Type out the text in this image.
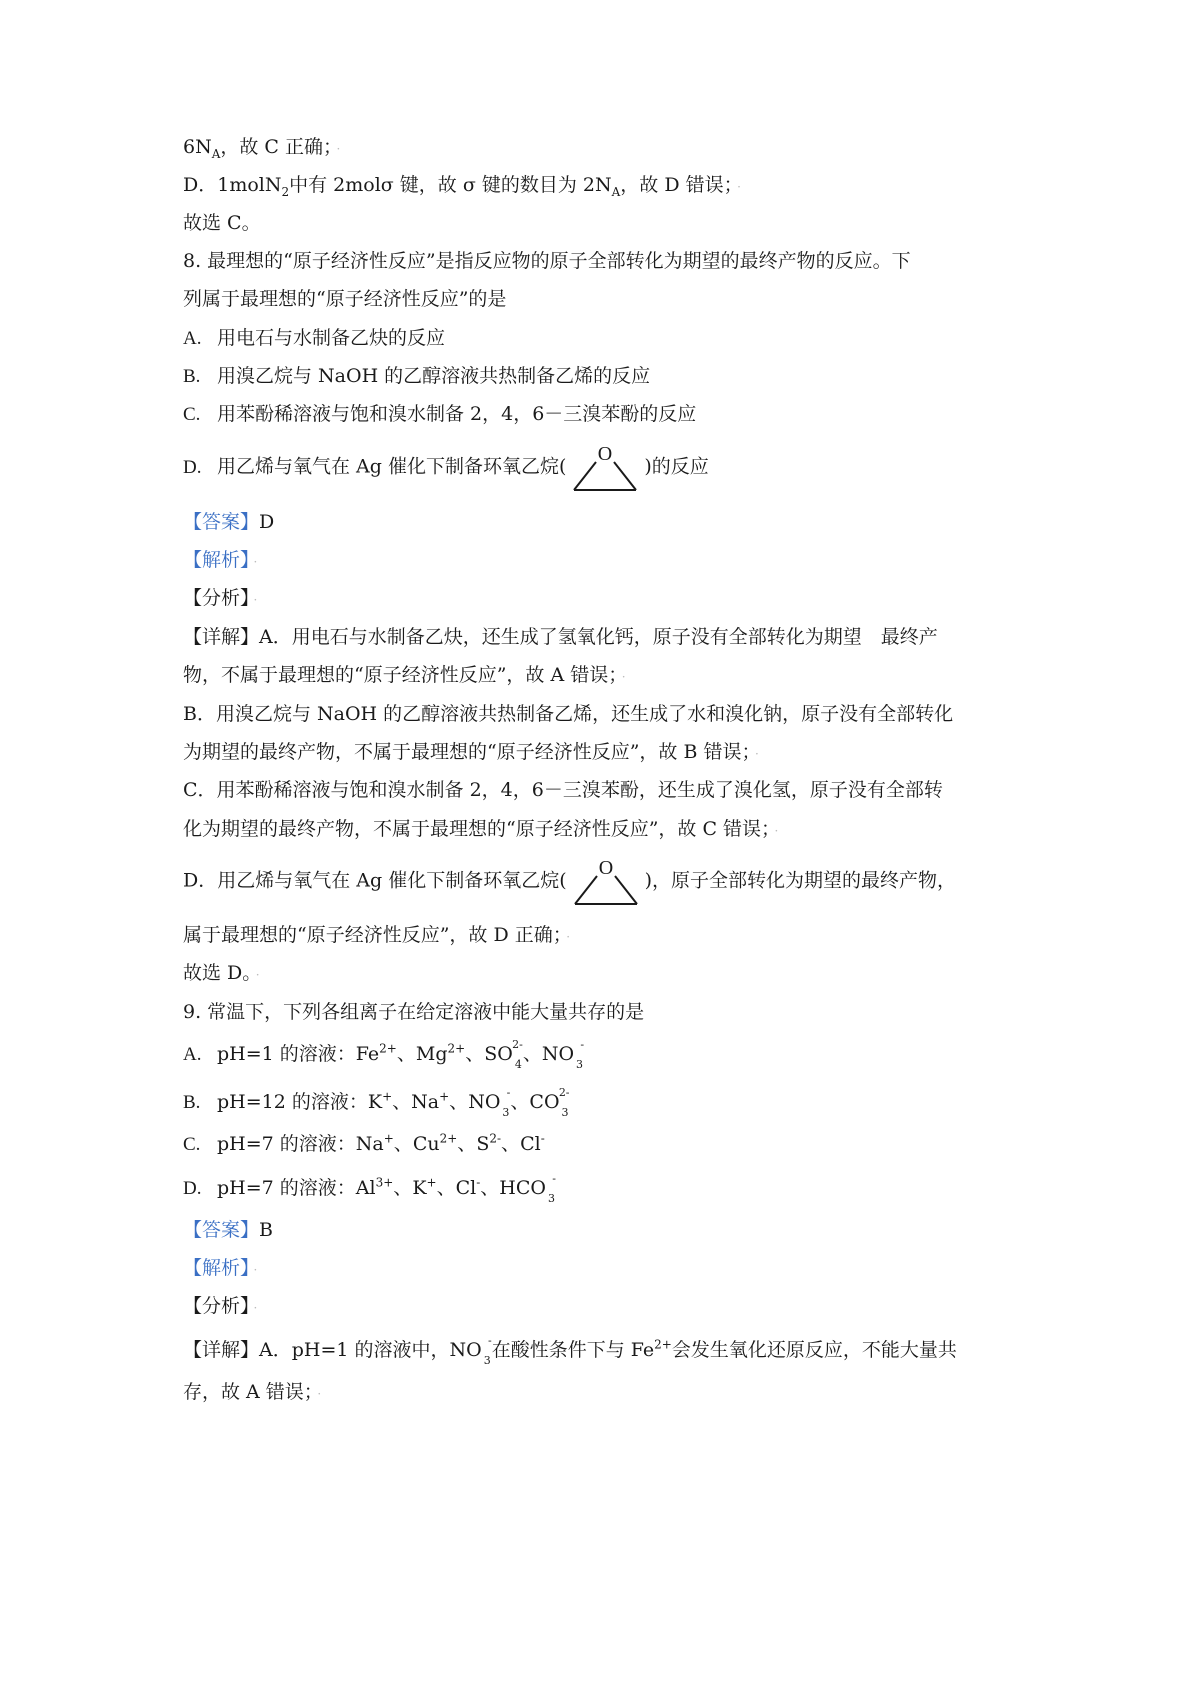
$6N_A$，故 C 正确； ·
D．1molN$_2$中有 2molσ 键，故 σ 键的数目为 $2N_A$，故 D 错误； ·
故选 C。
8. 最理想的“原子经济性反应”是指反应物的原子全部转化为期望的最终产物的反应。下
列属于最理想的“原子经济性反应”的是
A. 用电石与水制备乙炔的反应
B. 用溴乙烷与 NaOH 的乙醇溶液共热制备乙烯的反应
C. 用苯酚稀溶液与饱和溴水制备 2，4，6－三溴苯酚的反应
D. 用乙烯与氧气在 Ag 催化下制备环氧乙烷(
O
)的反应
【答案】D
【解析】 ·
【分析】 ·
【详解】A．用电石与水制备乙炔，还生成了氢氧化钙，原子没有全部转化为期望　最终产
物，不属于最理想的“原子经济性反应”，故 A 错误； ·
B．用溴乙烷与 NaOH 的乙醇溶液共热制备乙烯，还生成了水和溴化钠，原子没有全部转化
为期望的最终产物，不属于最理想的“原子经济性反应”，故 B 错误； ·
C．用苯酚稀溶液与饱和溴水制备 2，4，6－三溴苯酚，还生成了溴化氢，原子没有全部转
化为期望的最终产物，不属于最理想的“原子经济性反应”，故 C 错误； ·
D．用乙烯与氧气在 Ag 催化下制备环氧乙烷(
O
)，原子全部转化为期望的最终产物，
属于最理想的“原子经济性反应”，故 D 正确； ·
故选 D。 ·
9. 常温下，下列各组离子在给定溶液中能大量共存的是
A. pH=1 的溶液：$Fe^{2+}$、$Mg^{2+}$、SO 2-
4 、NO -
3
B. pH=12 的溶液：K+、Na+、NO -
3 、CO 2-
3
C. pH=7 的溶液：Na+、$Cu^{2+}$、$S^{2-}$、Cl-
D. pH=7 的溶液：$Al^{3+}$、K+、Cl-、HCO -
3
【答案】B
【解析】 ·
【分析】 ·
【详解】A．pH=1 的溶液中，NO -
3 在酸性条件下与 $Fe^{2+}$会发生氧化还原反应，不能大量共
存，故 A 错误； ·
